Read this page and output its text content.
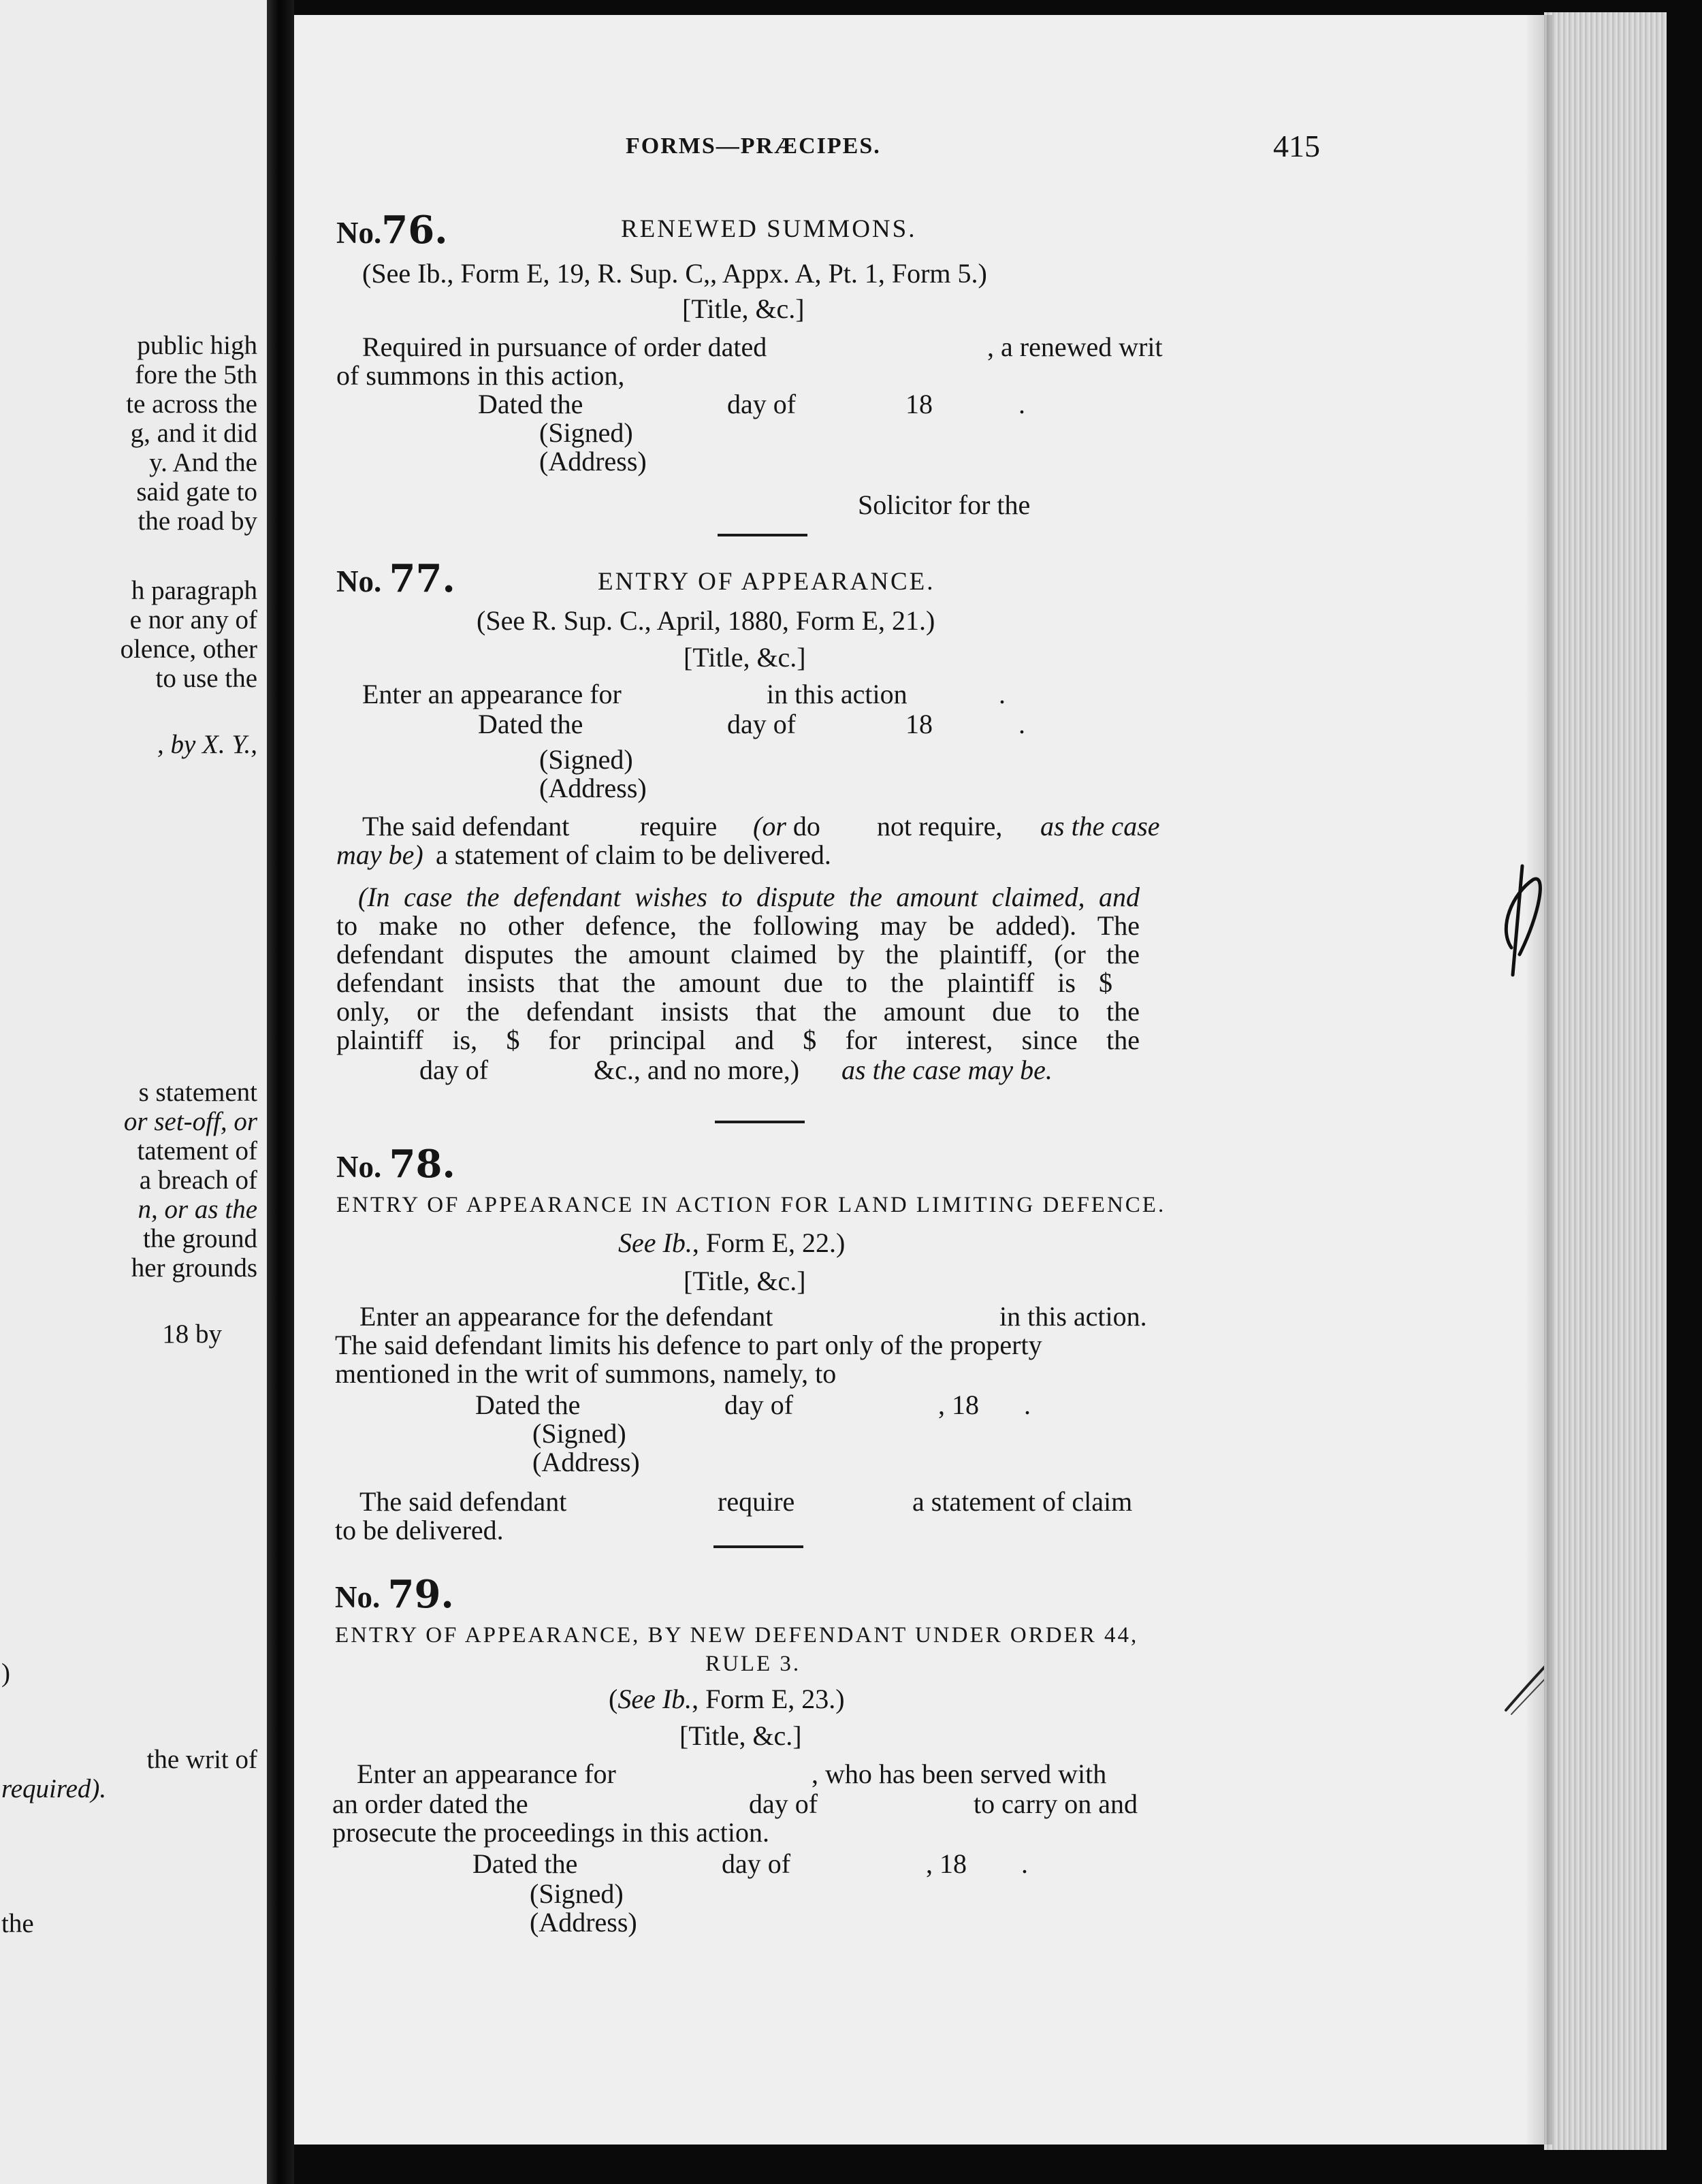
public high
fore the 5th
te across the
g, and it did
y. And the
said gate to
the road by
h paragraph
e nor any of
olence, other
to use the
, by X. Y.,
s statement
or set-off, or
tatement of
a breach of
n, or as the
the ground
her grounds
18 by
)
the writ of
required).
the
FORMS—PRÆCIPES.	415
No.76.	RENEWED SUMMONS.
(See Ib., Form E, 19, R. Sup. C,, Appx. A, Pt. 1, Form 5.)
[Title, &c.]
Required in pursuance of order dated	, a renewed writ
of summons in this action,
Dated the	day of	18	.
(Signed)
(Address)
Solicitor for the
No. 77.	ENTRY OF APPEARANCE.
(See R. Sup. C., April, 1880, Form E, 21.)
[Title, &c.]
Enter an appearance for	in this action	.
Dated the	day of	18	.
(Signed)
(Address)
The said defendant	require (or do not require, as the case
may be) a statement of claim to be delivered.
(In case the defendant wishes to dispute the amount claimed, and
to make no other defence, the following may be added). The
defendant disputes the amount claimed by the plaintiff, (or the
defendant insists that the amount due to the plaintiff is $
only, or the defendant insists that the amount due to the
plaintiff is, $ for principal and $ for interest, since the
day of	&c., and no more,) as the case may be.
No. 78.
ENTRY OF APPEARANCE IN ACTION FOR LAND LIMITING DEFENCE.
See Ib., Form E, 22.)
[Title, &c.]
Enter an appearance for the defendant	in this action.
The said defendant limits his defence to part only of the property
mentioned in the writ of summons, namely, to
Dated the	day of	, 18 .
(Signed)
(Address)
The said defendant	require	a statement of claim
to be delivered.
No. 79.
ENTRY OF APPEARANCE, BY NEW DEFENDANT UNDER ORDER 44,
RULE 3.
(See Ib., Form E, 23.)
[Title, &c.]
Enter an appearance for	, who has been served with
an order dated the	day of	to carry on and
prosecute the proceedings in this action.
Dated the	day of	, 18 .
(Signed)
(Address)
